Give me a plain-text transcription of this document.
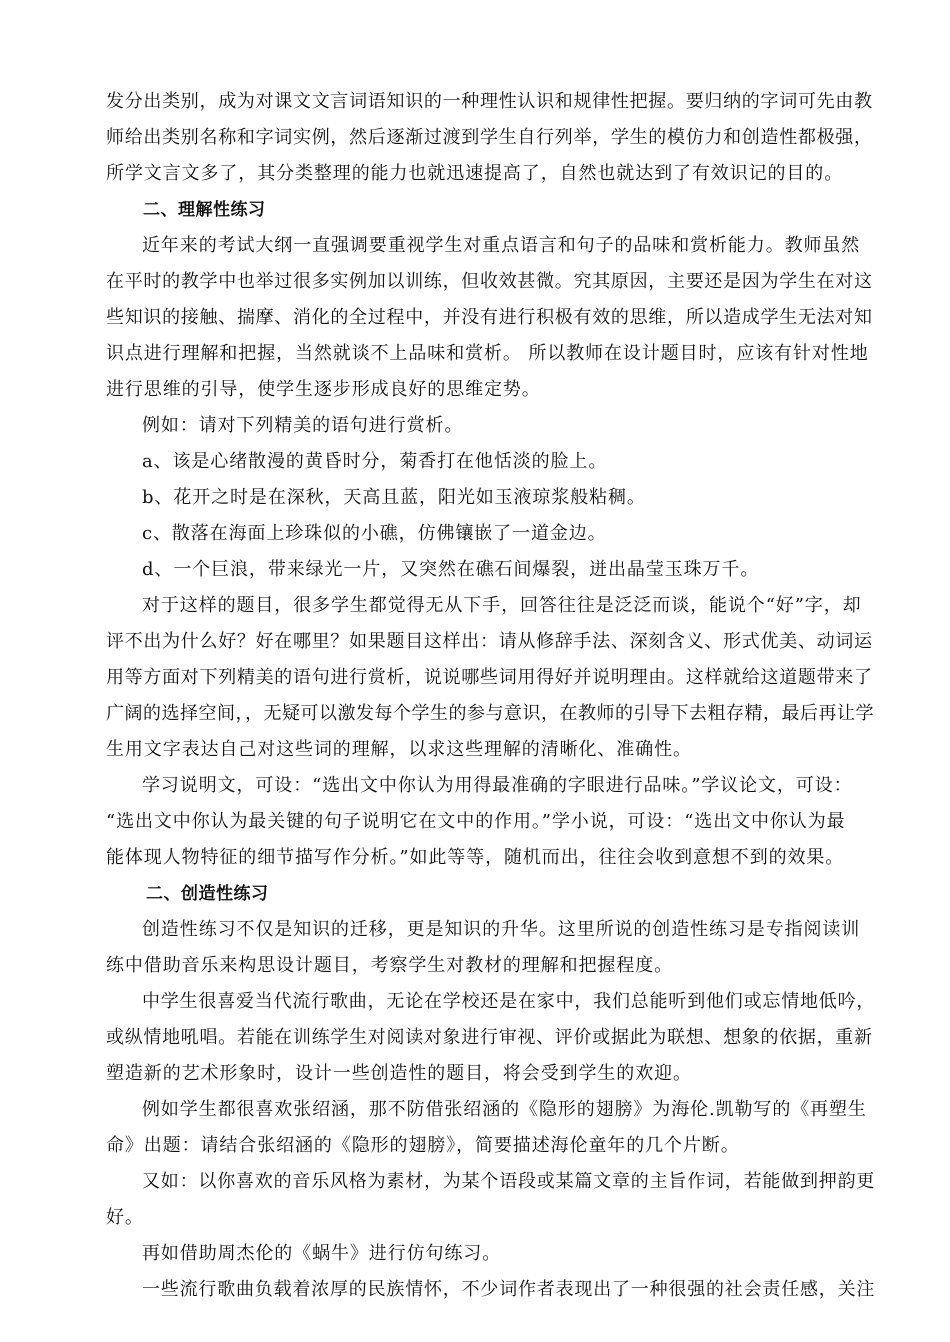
发分出类别，成为对课文文言词语知识的一种理性认识和规律性把握。要归纳的字词可先由教
师给出类别名称和字词实例，然后逐渐过渡到学生自行列举，学生的模仿力和创造性都极强，
所学文言文多了，其分类整理的能力也就迅速提高了，自然也就达到了有效识记的目的。
二、理解性练习
近年来的考试大纲一直强调要重视学生对重点语言和句子的品味和赏析能力。教师虽然
在平时的教学中也举过很多实例加以训练，但收效甚微。究其原因，主要还是因为学生在对这
些知识的接触、揣摩、消化的全过程中，并没有进行积极有效的思维，所以造成学生无法对知
识点进行理解和把握，当然就谈不上品味和赏析。 所以教师在设计题目时，应该有针对性地
进行思维的引导，使学生逐步形成良好的思维定势。
例如：请对下列精美的语句进行赏析。
a、该是心绪散漫的黄昏时分，菊香打在他恬淡的脸上。
b、花开之时是在深秋，天高且蓝，阳光如玉液琼浆般粘稠。
c、散落在海面上珍珠似的小礁，仿佛镶嵌了一道金边。
d、一个巨浪，带来绿光一片，又突然在礁石间爆裂，迸出晶莹玉珠万千。
对于这样的题目，很多学生都觉得无从下手，回答往往是泛泛而谈，能说个“好”字，却
评不出为什么好？好在哪里？如果题目这样出：请从修辞手法、深刻含义、形式优美、动词运
用等方面对下列精美的语句进行赏析，说说哪些词用得好并说明理由。这样就给这道题带来了
广阔的选择空间，，无疑可以激发每个学生的参与意识，在教师的引导下去粗存精，最后再让学
生用文字表达自己对这些词的理解，以求这些理解的清晰化、准确性。
学习说明文，可设：“选出文中你认为用得最准确的字眼进行品味。”学议论文，可设：
“选出文中你认为最关键的句子说明它在文中的作用。”学小说，可设：“选出文中你认为最
能体现人物特征的细节描写作分析。”如此等等，随机而出，往往会收到意想不到的效果。
二、创造性练习
创造性练习不仅是知识的迁移，更是知识的升华。这里所说的创造性练习是专指阅读训
练中借助音乐来构思设计题目，考察学生对教材的理解和把握程度。
中学生很喜爱当代流行歌曲，无论在学校还是在家中，我们总能听到他们或忘情地低吟，
或纵情地吼唱。若能在训练学生对阅读对象进行审视、评价或据此为联想、想象的依据，重新
塑造新的艺术形象时，设计一些创造性的题目，将会受到学生的欢迎。
例如学生都很喜欢张绍涵，那不防借张绍涵的《隐形的翅膀》为海伦.凯勒写的《再塑生
命》出题：请结合张绍涵的《隐形的翅膀》，简要描述海伦童年的几个片断。
又如：以你喜欢的音乐风格为素材，为某个语段或某篇文章的主旨作词，若能做到押韵更
好。
再如借助周杰伦的《蜗牛》进行仿句练习。
一些流行歌曲负载着浓厚的民族情怀，不少词作者表现出了一种很强的社会责任感，关注
